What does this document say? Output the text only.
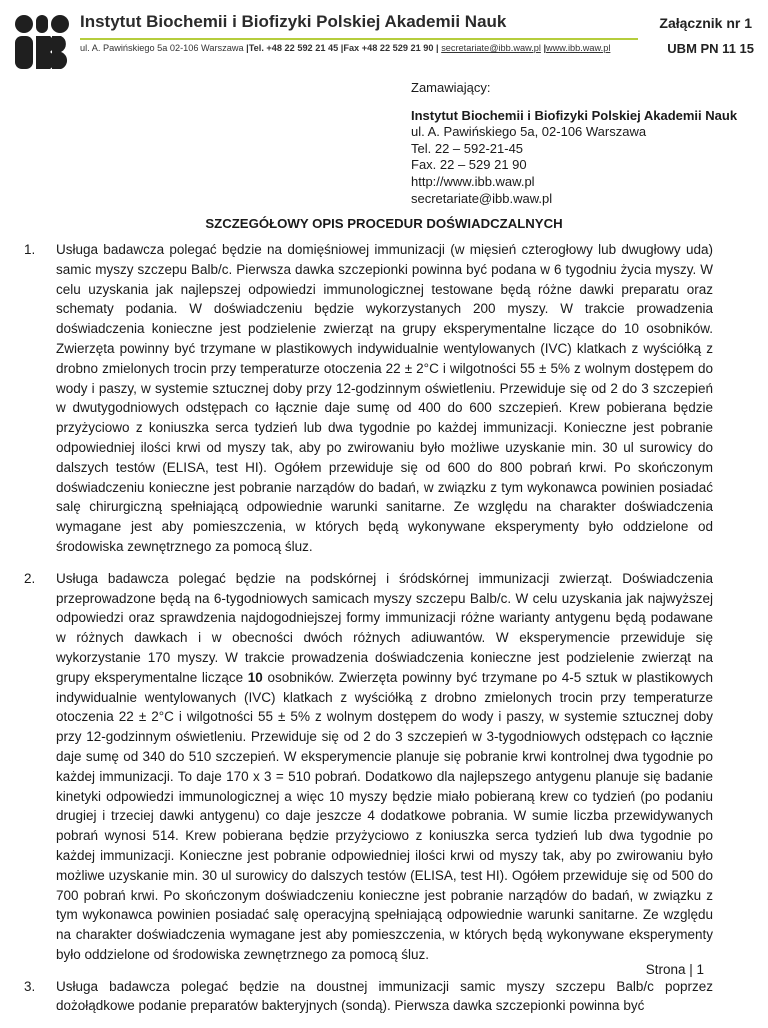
Instytut Biochemii i Biofizyki Polskiej Akademii Nauk
ul. A. Pawińskiego 5a 02-106 Warszawa |Tel. +48 22 592 21 45 |Fax +48 22 529 21 90 | secretariate@ibb.waw.pl |www.ibb.waw.pl
Załącznik nr 1
UBM PN 11 15
Zamawiający:
Instytut Biochemii i Biofizyki Polskiej Akademii Nauk
ul. A. Pawińskiego 5a, 02-106 Warszawa
Tel. 22 – 592-21-45
Fax. 22 – 529 21 90
http://www.ibb.waw.pl
secretariate@ibb.waw.pl
SZCZEGÓŁOWY OPIS PROCEDUR DOŚWIADCZALNYCH
1. Usługa badawcza polegać będzie na domięśniowej immunizacji (w mięsień czterogłowy lub dwugłowy uda) samic myszy szczepu Balb/c. Pierwsza dawka szczepionki powinna być podana w 6 tygodniu życia myszy. W celu uzyskania jak najlepszej odpowiedzi immunologicznej testowane będą różne dawki preparatu oraz schematy podania. W doświadczeniu będzie wykorzystanych 200 myszy. W trakcie prowadzenia doświadczenia konieczne jest podzielenie zwierząt na grupy eksperymentalne liczące do 10 osobników. Zwierzęta powinny być trzymane w plastikowych indywidualnie wentylowanych (IVC) klatkach z wyściółką z drobno zmielonych trocin przy temperaturze otoczenia 22 ± 2°C i wilgotności 55 ± 5% z wolnym dostępem do wody i paszy, w systemie sztucznej doby przy 12-godzinnym oświetleniu. Przewiduje się od 2 do 3 szczepień w dwutygodniowych odstępach co łącznie daje sumę od 400 do 600 szczepień. Krew pobierana będzie przyżyciowo z koniuszka serca tydzień lub dwa tygodnie po każdej immunizacji. Konieczne jest pobranie odpowiedniej ilości krwi od myszy tak, aby po zwirowaniu było możliwe uzyskanie min. 30 ul surowicy do dalszych testów (ELISA, test HI). Ogółem przewiduje się od 600 do 800 pobrań krwi. Po skończonym doświadczeniu konieczne jest pobranie narządów do badań, w związku z tym wykonawca powinien posiadać salę chirurgiczną spełniającą odpowiednie warunki sanitarne. Ze względu na charakter doświadczenia wymagane jest aby pomieszczenia, w których będą wykonywane eksperymenty było oddzielone od środowiska zewnętrznego za pomocą śluz.

2. Usługa badawcza polegać będzie na podskórnej i śródskórnej immunizacji zwierząt. Doświadczenia przeprowadzone będą na 6-tygodniowych samicach myszy szczepu Balb/c. W celu uzyskania jak najwyższej odpowiedzi oraz sprawdzenia najdogodniejszej formy immunizacji różne warianty antygenu będą podawane w różnych dawkach i w obecności dwóch różnych adiuwantów. W eksperymencie przewiduje się wykorzystanie 170 myszy. W trakcie prowadzenia doświadczenia konieczne jest podzielenie zwierząt na grupy eksperymentalne liczące 10 osobników. Zwierzęta powinny być trzymane po 4-5 sztuk w plastikowych indywidualnie wentylowanych (IVC) klatkach z wyściółką z drobno zmielonych trocin przy temperaturze otoczenia 22 ± 2°C i wilgotności 55 ± 5% z wolnym dostępem do wody i paszy, w systemie sztucznej doby przy 12-godzinnym oświetleniu. Przewiduje się od 2 do 3 szczepień w 3-tygodniowych odstępach co łącznie daje sumę od 340 do 510 szczepień. W eksperymencie planuje się pobranie krwi kontrolnej dwa tygodnie po każdej immunizacji. To daje 170 x 3 = 510 pobrań. Dodatkowo dla najlepszego antygenu planuje się badanie kinetyki odpowiedzi immunologicznej a więc 10 myszy będzie miało pobieraną krew co tydzień (po podaniu drugiej i trzeciej dawki antygenu) co daje jeszcze 4 dodatkowe pobrania. W sumie liczba przewidywanych pobrań wynosi 514. Krew pobierana będzie przyżyciowo z koniuszka serca tydzień lub dwa tygodnie po każdej immunizacji. Konieczne jest pobranie odpowiedniej ilości krwi od myszy tak, aby po zwirowaniu było możliwe uzyskanie min. 30 ul surowicy do dalszych testów (ELISA, test HI). Ogółem przewiduje się od 500 do 700 pobrań krwi. Po skończonym doświadczeniu konieczne jest pobranie narządów do badań, w związku z tym wykonawca powinien posiadać salę operacyjną spełniającą odpowiednie warunki sanitarne. Ze względu na charakter doświadczenia wymagane jest aby pomieszczenia, w których będą wykonywane eksperymenty było oddzielone od środowiska zewnętrznego za pomocą śluz.

3. Usługa badawcza polegać będzie na doustnej immunizacji samic myszy szczepu Balb/c poprzez dożołądkowe podanie preparatów bakteryjnych (sondą). Pierwsza dawka szczepionki powinna być

Strona | 1
